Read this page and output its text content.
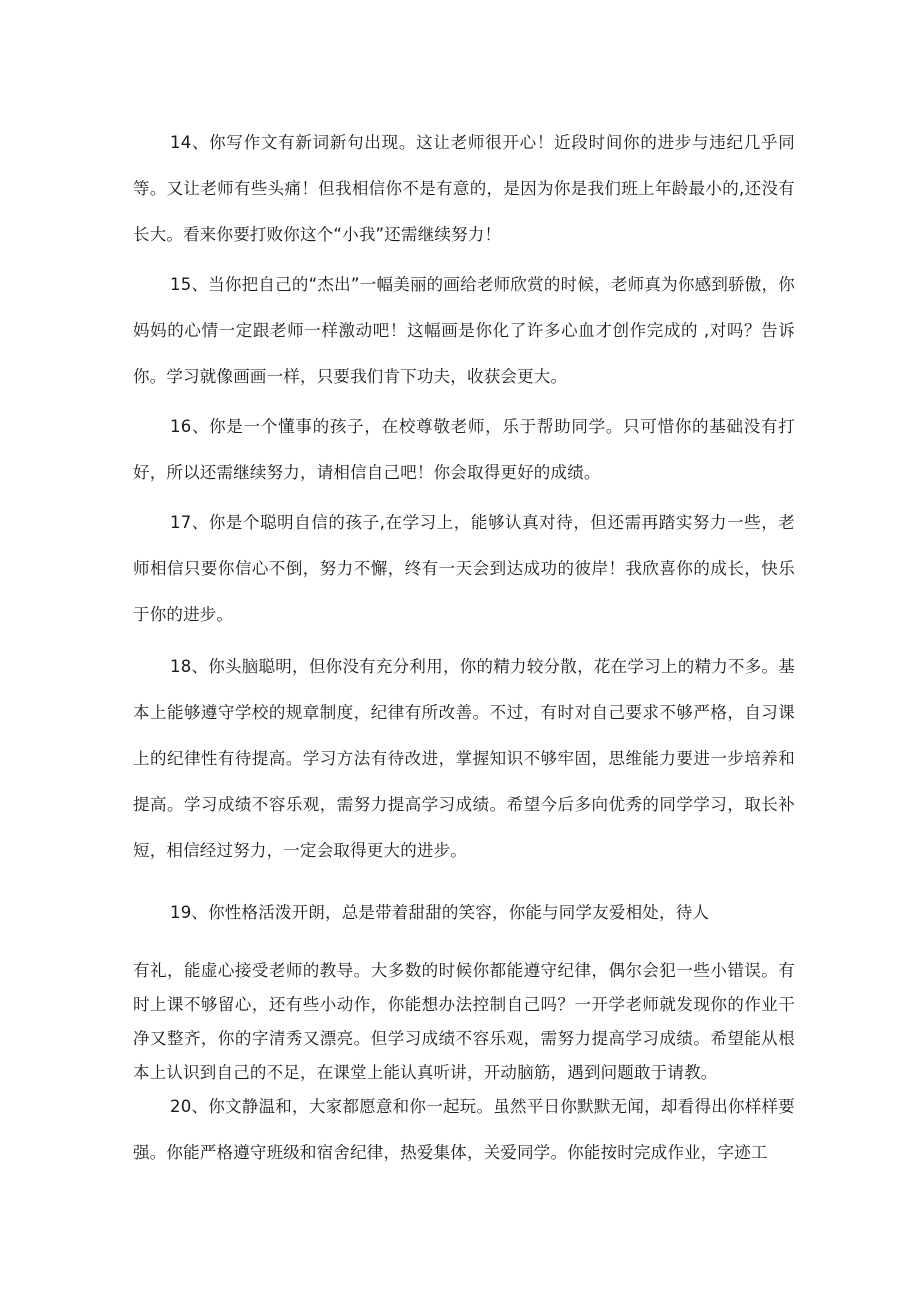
14、你写作文有新词新句出现。这让老师很开心！近段时间你的进步与违纪几乎同等。又让老师有些头痛！但我相信你不是有意的，是因为你是我们班上年龄最小的,还没有长大。看来你要打败你这个“小我”还需继续努力！

15、当你把自己的“杰出”一幅美丽的画给老师欣赏的时候，老师真为你感到骄傲，你妈妈的心情一定跟老师一样激动吧！这幅画是你化了许多心血才创作完成的 ,对吗？告诉你。学习就像画画一样，只要我们肯下功夫，收获会更大。

16、你是一个懂事的孩子，在校尊敬老师，乐于帮助同学。只可惜你的基础没有打好，所以还需继续努力，请相信自己吧！你会取得更好的成绩。

17、你是个聪明自信的孩子,在学习上，能够认真对待，但还需再踏实努力一些，老师相信只要你信心不倒，努力不懈，终有一天会到达成功的彼岸！我欣喜你的成长，快乐于你的进步。

18、你头脑聪明，但你没有充分利用，你的精力较分散，花在学习上的精力不多。基本上能够遵守学校的规章制度，纪律有所改善。不过，有时对自己要求不够严格，自习课上的纪律性有待提高。学习方法有待改进，掌握知识不够牢固，思维能力要进一步培养和提高。学习成绩不容乐观，需努力提高学习成绩。希望今后多向优秀的同学学习，取长补短，相信经过努力，一定会取得更大的进步。

19、你性格活泼开朗，总是带着甜甜的笑容，你能与同学友爱相处，待人

有礼，能虚心接受老师的教导。大多数的时候你都能遵守纪律，偶尔会犯一些小错误。有时上课不够留心，还有些小动作，你能想办法控制自己吗？一开学老师就发现你的作业干净又整齐，你的字清秀又漂亮。但学习成绩不容乐观，需努力提高学习成绩。希望能从根本上认识到自己的不足，在课堂上能认真听讲，开动脑筋，遇到问题敢于请教。

20、你文静温和，大家都愿意和你一起玩。虽然平日你默默无闻，却看得出你样样要强。你能严格遵守班级和宿舍纪律，热爱集体，关爱同学。你能按时完成作业，字迹工
